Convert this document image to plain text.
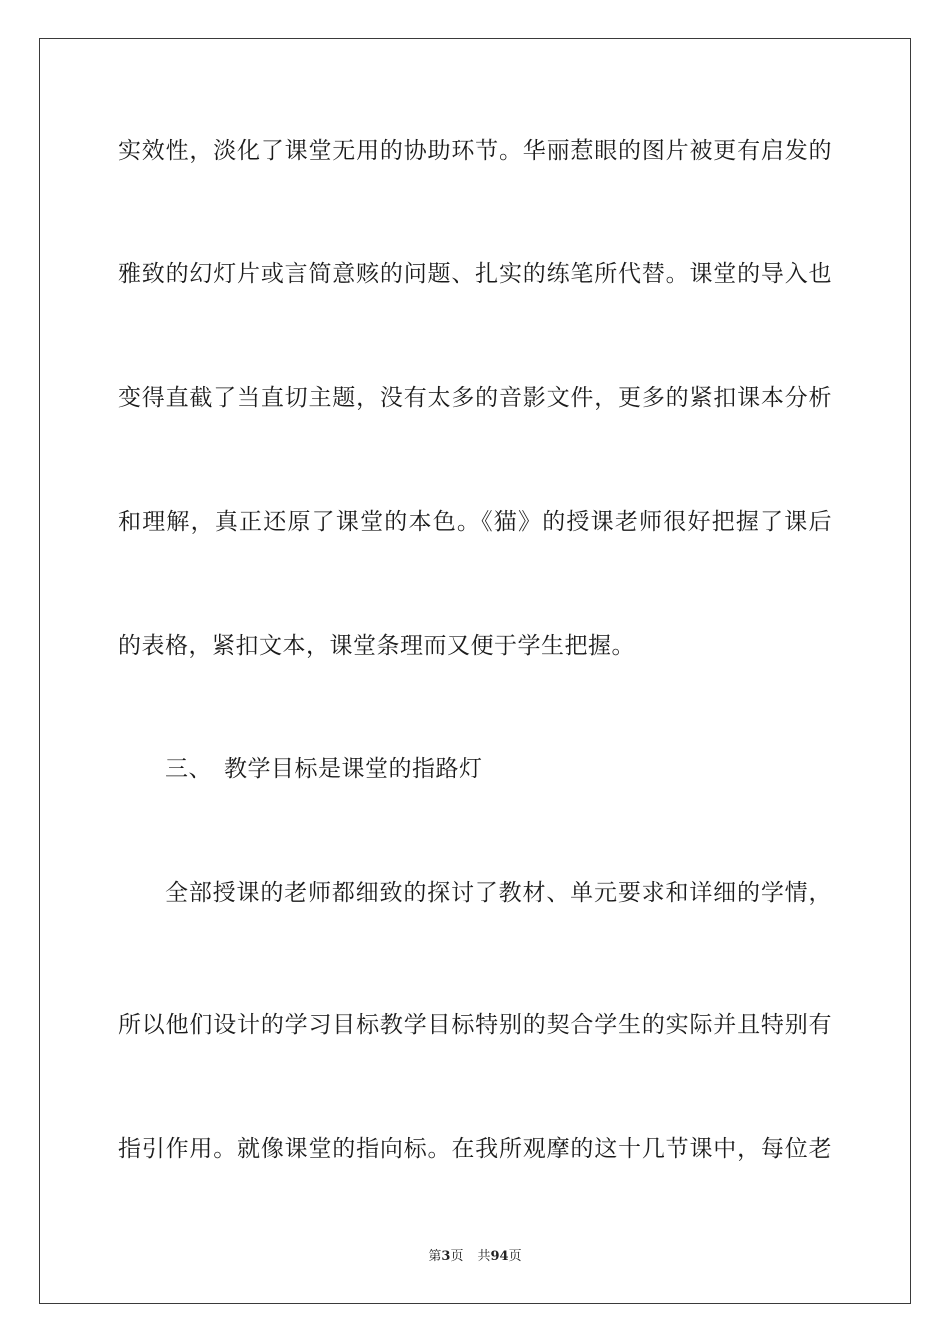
实效性，淡化了课堂无用的协助环节。华丽惹眼的图片被更有启发的
雅致的幻灯片或言简意赅的问题、扎实的练笔所代替。课堂的导入也
变得直截了当直切主题，没有太多的音影文件，更多的紧扣课本分析
和理解，真正还原了课堂的本色。《猫》的授课老师很好把握了课后
的表格，紧扣文本，课堂条理而又便于学生把握。
三、 教学目标是课堂的指路灯
全部授课的老师都细致的探讨了教材、单元要求和详细的学情，
所以他们设计的学习目标教学目标特别的契合学生的实际并且特别有
指引作用。就像课堂的指向标。在我所观摩的这十几节课中，每位老
第3页 共94页
